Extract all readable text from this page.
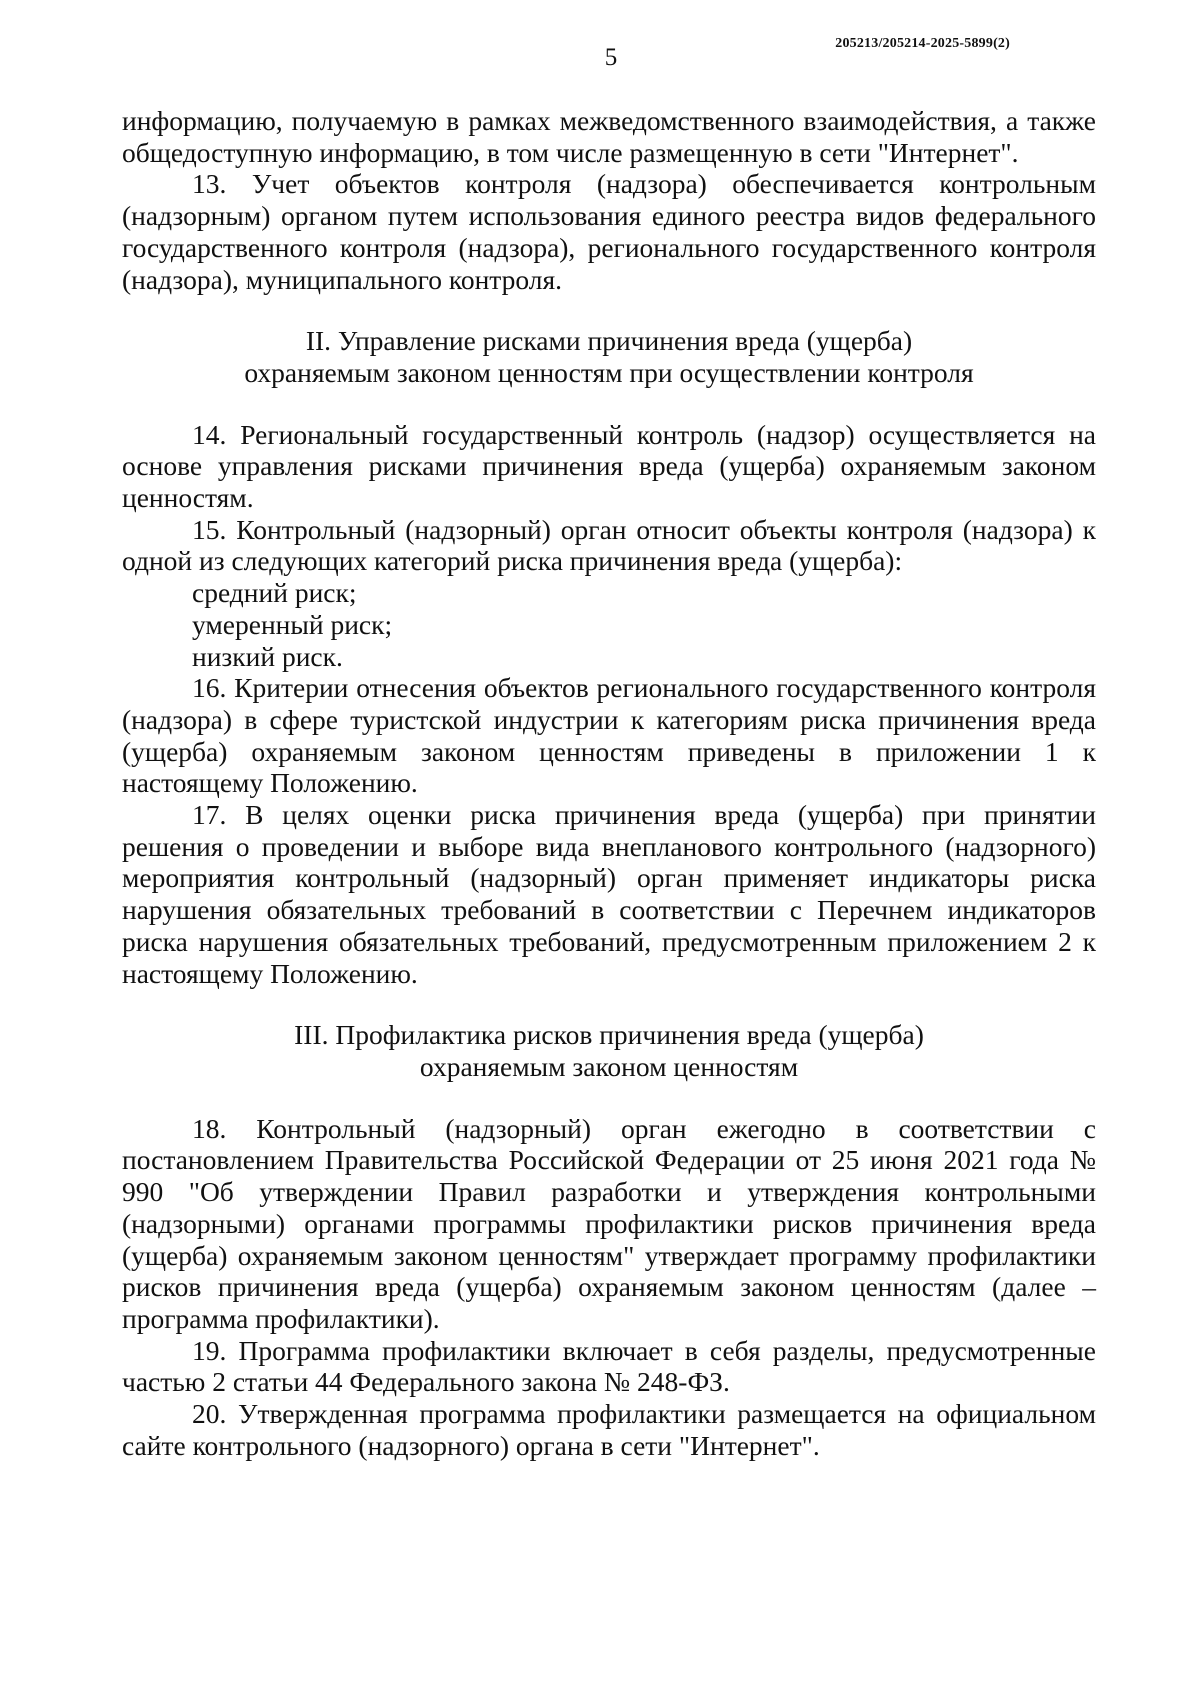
205213/205214-2025-5899(2)
5

информацию, получаемую в рамках межведомственного взаимодействия, а также общедоступную информацию, в том числе размещенную в сети "Интернет".

13. Учет объектов контроля (надзора) обеспечивается контрольным (надзорным) органом путем использования единого реестра видов федерального государственного контроля (надзора), регионального государственного контроля (надзора), муниципального контроля.

II. Управление рисками причинения вреда (ущерба)
охраняемым законом ценностям при осуществлении контроля

14. Региональный государственный контроль (надзор) осуществляется на основе управления рисками причинения вреда (ущерба) охраняемым законом ценностям.

15. Контрольный (надзорный) орган относит объекты контроля (надзора) к одной из следующих категорий риска причинения вреда (ущерба):

средний риск;

умеренный риск;

низкий риск.

16. Критерии отнесения объектов регионального государственного контроля (надзора) в сфере туристской индустрии к категориям риска причинения вреда (ущерба) охраняемым законом ценностям приведены в приложении 1 к настоящему Положению.

17. В целях оценки риска причинения вреда (ущерба) при принятии решения о проведении и выборе вида внепланового контрольного (надзорного) мероприятия контрольный (надзорный) орган применяет индикаторы риска нарушения обязательных требований в соответствии с Перечнем индикаторов риска нарушения обязательных требований, предусмотренным приложением 2 к настоящему Положению.

III. Профилактика рисков причинения вреда (ущерба)
охраняемым законом ценностям

18. Контрольный (надзорный) орган ежегодно в соответствии с постановлением Правительства Российской Федерации от 25 июня 2021 года № 990 "Об утверждении Правил разработки и утверждения контрольными (надзорными) органами программы профилактики рисков причинения вреда (ущерба) охраняемым законом ценностям" утверждает программу профилактики рисков причинения вреда (ущерба) охраняемым законом ценностям (далее – программа профилактики).

19. Программа профилактики включает в себя разделы, предусмотренные частью 2 статьи 44 Федерального закона № 248-ФЗ.

20. Утвержденная программа профилактики размещается на официальном сайте контрольного (надзорного) органа в сети "Интернет".
